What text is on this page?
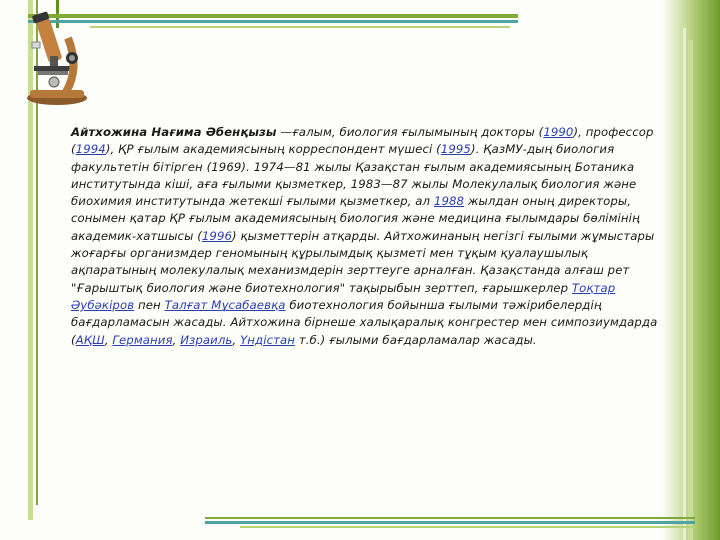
Айтхожина Нағима Әбенқызы —ғалым, биология ғылымының докторы (1990), профессор (1994), ҚР ғылым академиясының корреспондент мүшесі (1995). ҚазМУ-дың биология факультетін бітірген (1969). 1974—81 жылы Қазақстан ғылым академиясының Ботаника институтында кіші, аға ғылыми қызметкер, 1983—87 жылы Молекулалық биология және биохимия институтында жетекші ғылыми қызметкер, ал 1988 жылдан оның директоры, сонымен қатар ҚР ғылым академиясының биология және медицина ғылымдары бөлімінің академик-хатшысы (1996) қызметтерін атқарды. Айтхожинаның негізгі ғылыми жұмыстары жоғарғы организмдер геномының құрылымдық қызметі мен тұқым қуалаушылық ақпаратының молекулалық механизмдерін зерттеуге арналған. Қазақстанда алғаш рет "Ғарыштық биология және биотехнология" тақырыбын зерттеп, ғарышкерлер Тоқтар Әубәкіров пен Талғат Мұсабаевқа биотехнология бойынша ғылыми тәжірибелердің бағдарламасын жасады. Айтхожина бірнеше халықаралық конгрестер мен симпозиумдарда (АҚШ, Германия, Израиль, Үндістан т.б.) ғылыми бағдарламалар жасады.
